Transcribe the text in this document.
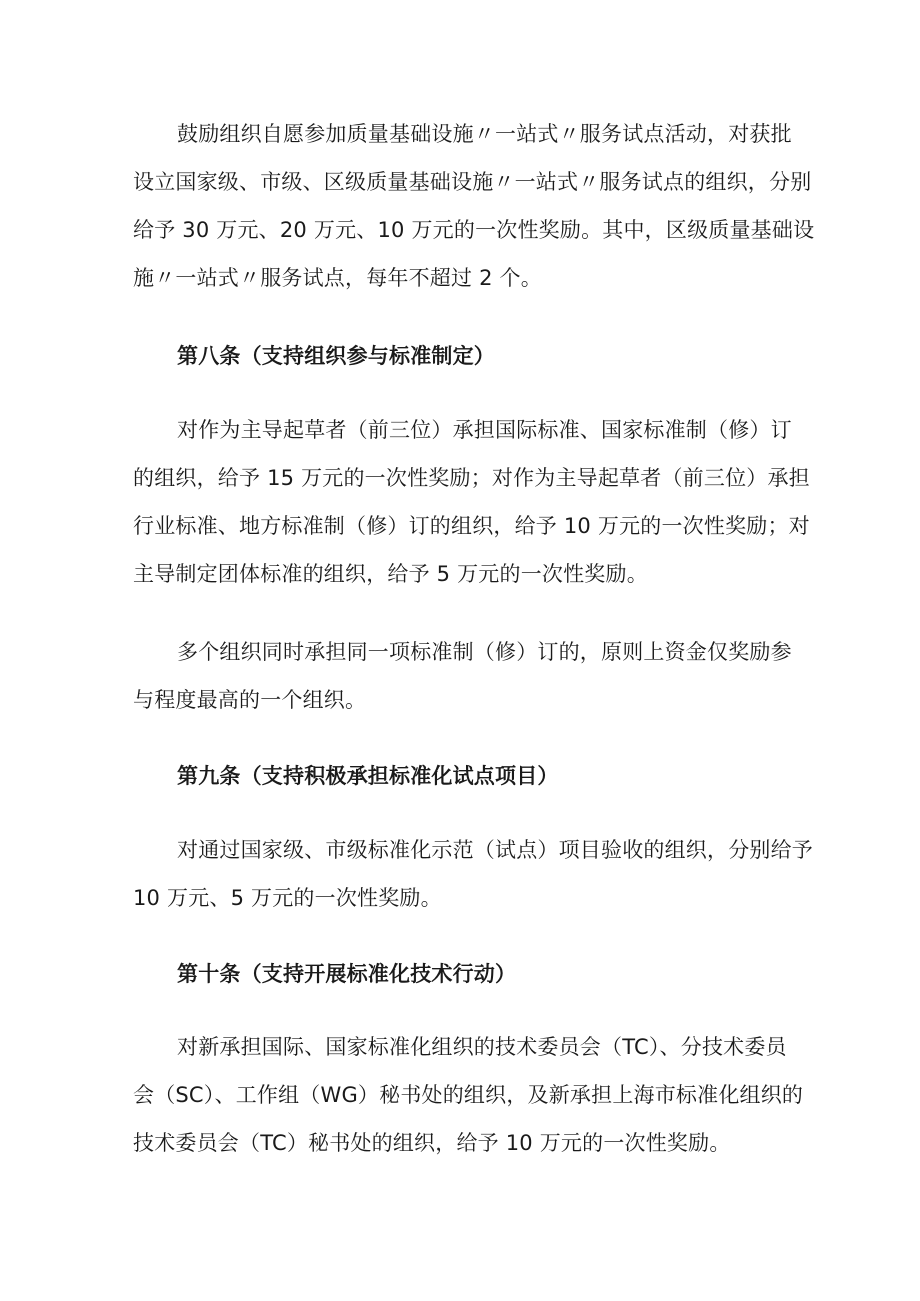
鼓励组织自愿参加质量基础设施〃一站式〃服务试点活动，对获批
设立国家级、市级、区级质量基础设施〃一站式〃服务试点的组织，分别
给予 30 万元、20 万元、10 万元的一次性奖励。其中，区级质量基础设
施〃一站式〃服务试点，每年不超过 2 个。
第八条（支持组织参与标准制定）
对作为主导起草者（前三位）承担国际标准、国家标准制（修）订
的组织，给予 15 万元的一次性奖励；对作为主导起草者（前三位）承担
行业标准、地方标准制（修）订的组织，给予 10 万元的一次性奖励；对
主导制定团体标准的组织，给予 5 万元的一次性奖励。
多个组织同时承担同一项标准制（修）订的，原则上资金仅奖励参
与程度最高的一个组织。
第九条（支持积极承担标准化试点项目）
对通过国家级、市级标准化示范（试点）项目验收的组织，分别给予
10 万元、5 万元的一次性奖励。
第十条（支持开展标准化技术行动）
对新承担国际、国家标准化组织的技术委员会（TC）、分技术委员
会（SC）、工作组（WG）秘书处的组织，及新承担上海市标准化组织的
技术委员会（TC）秘书处的组织，给予 10 万元的一次性奖励。
